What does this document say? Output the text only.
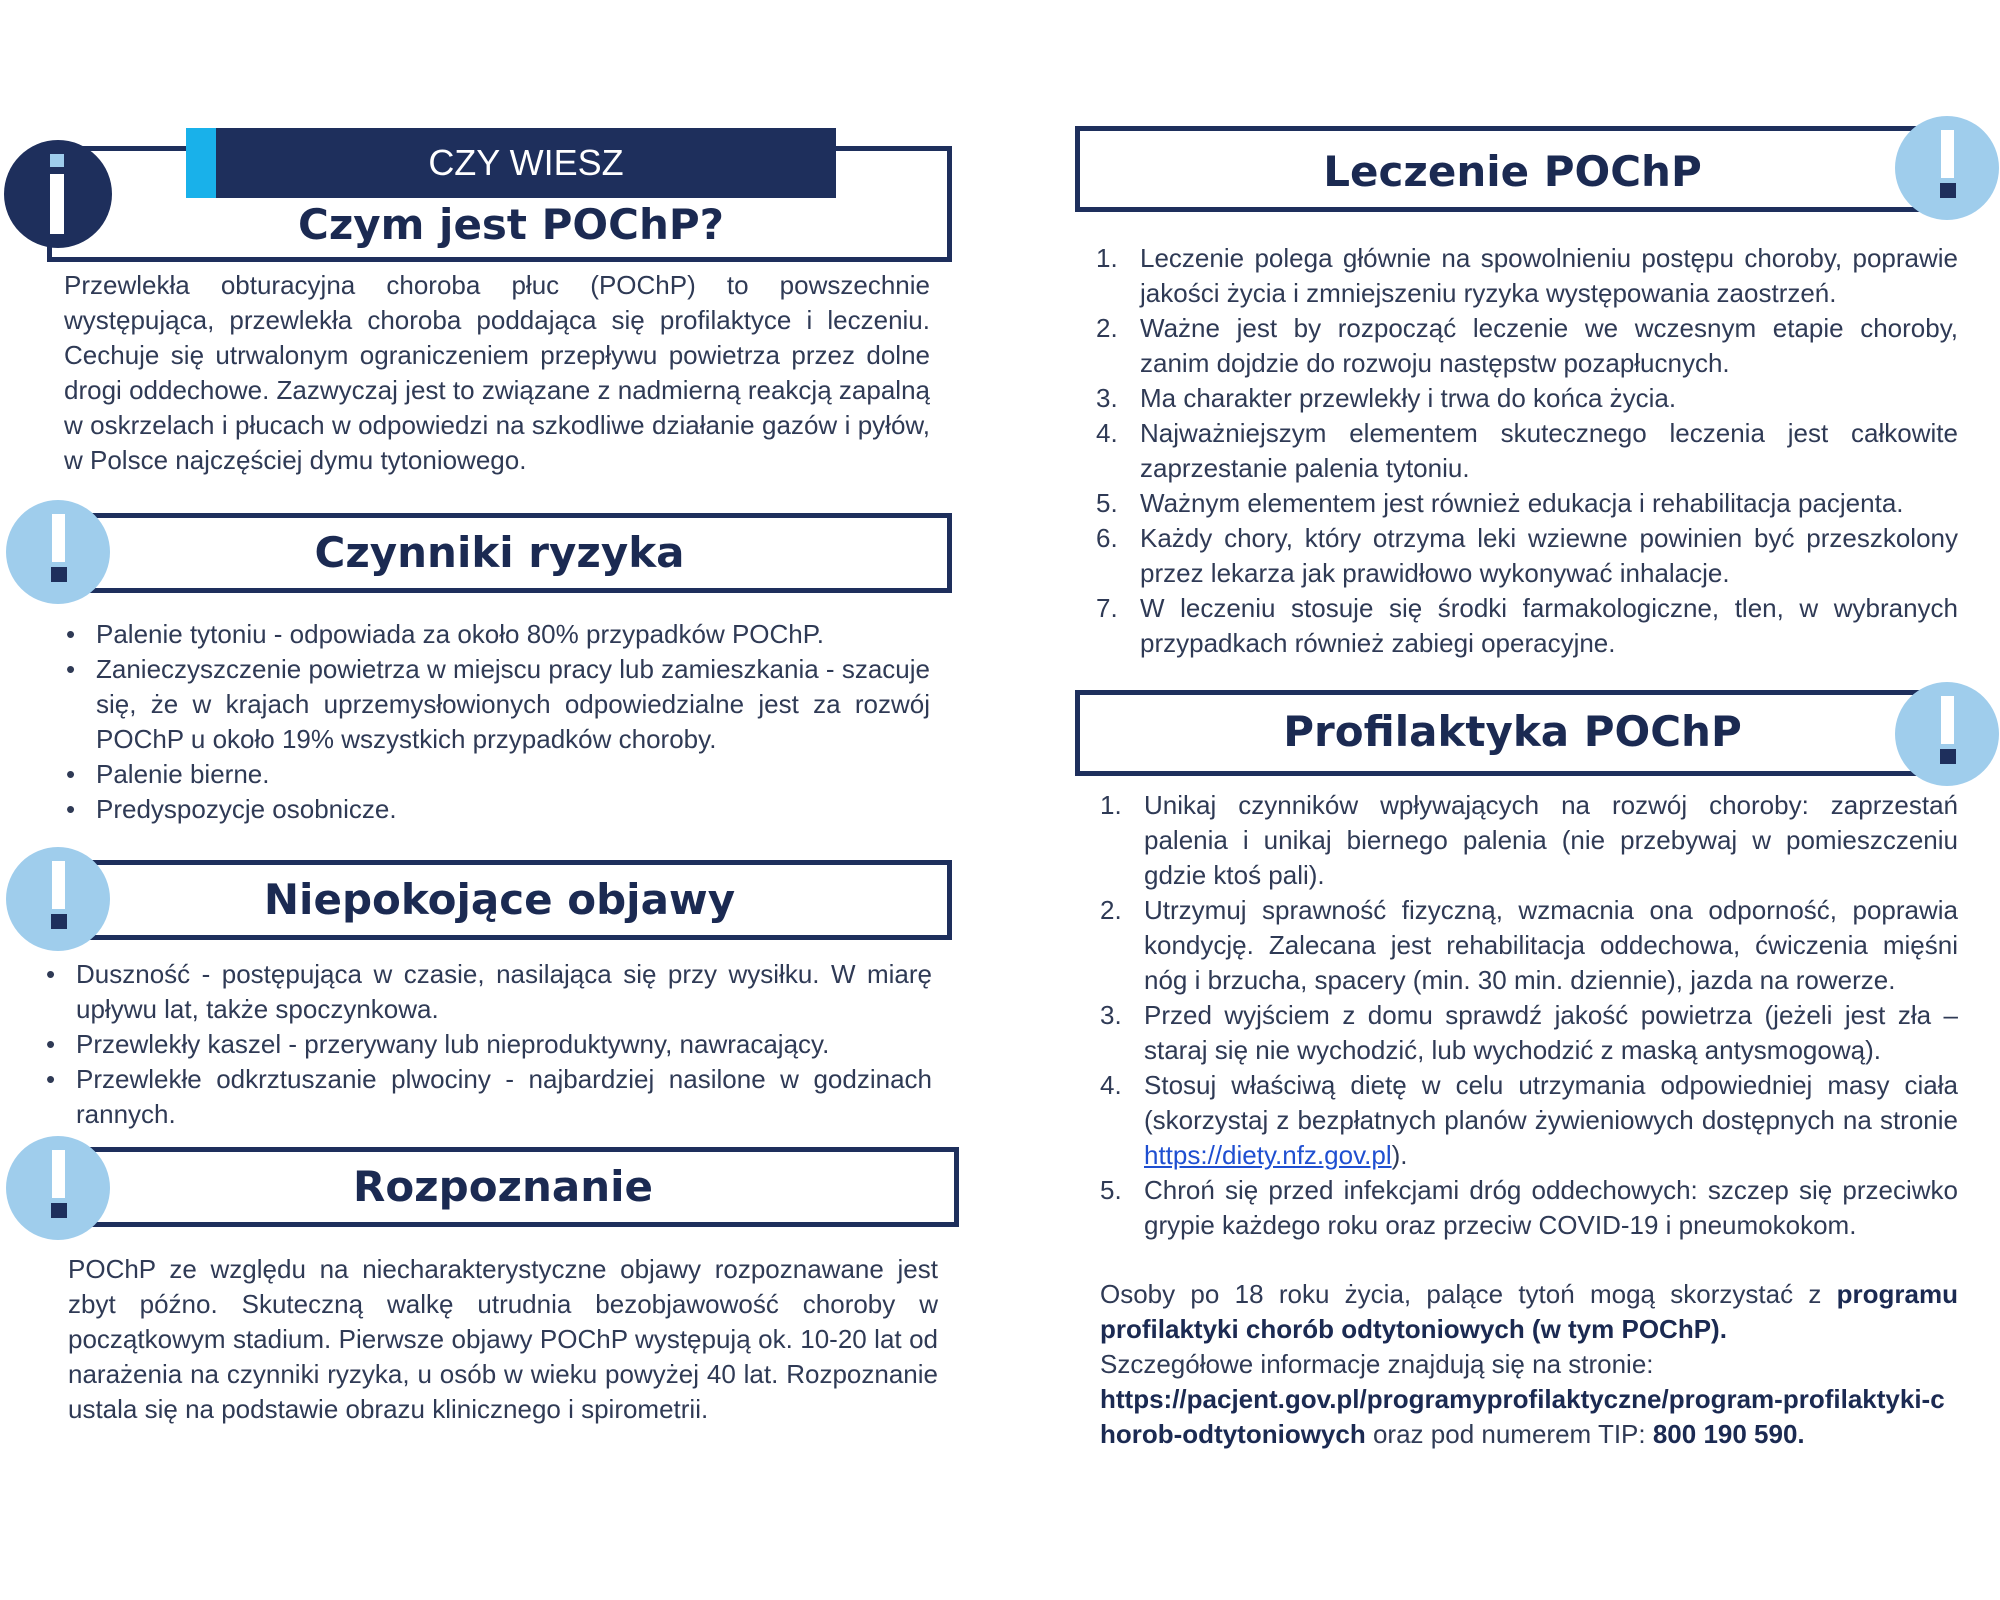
CZY WIESZ
Czym jest POChP?

Przewlekła obturacyjna choroba płuc (POChP) to powszechnie występująca, przewlekła choroba poddająca się profilaktyce i leczeniu. Cechuje się utrwalonym ograniczeniem przepływu powietrza przez dolne drogi oddechowe. Zazwyczaj jest to związane z nadmierną reakcją zapalną w oskrzelach i płucach w odpowiedzi na szkodliwe działanie gazów i pyłów, w Polsce najczęściej dymu tytoniowego.

Czynniki ryzyka
• Palenie tytoniu - odpowiada za około 80% przypadków POChP.
• Zanieczyszczenie powietrza w miejscu pracy lub zamieszkania - szacuje się, że w krajach uprzemysłowionych odpowiedzialne jest za rozwój POChP u około 19% wszystkich przypadków choroby.
• Palenie bierne.
• Predyspozycje osobnicze.
Niepokojące objawy
• Duszność - postępująca w czasie, nasilająca się przy wysiłku. W miarę upływu lat, także spoczynkowa.
• Przewlekły kaszel - przerywany lub nieproduktywny, nawracający.
• Przewlekłe odkrztuszanie plwociny - najbardziej nasilone w godzinach rannych.
Rozpoznanie

POChP ze względu na niecharakterystyczne objawy rozpoznawane jest zbyt późno. Skuteczną walkę utrudnia bezobjawowość choroby w początkowym stadium. Pierwsze objawy POChP występują ok. 10-20 lat od narażenia na czynniki ryzyka, u osób w wieku powyżej 40 lat. Rozpoznanie ustala się na podstawie obrazu klinicznego i spirometrii.

Leczenie POChP
1. Leczenie polega głównie na spowolnieniu postępu choroby, poprawie jakości życia i zmniejszeniu ryzyka występowania zaostrzeń.
2. Ważne jest by rozpocząć leczenie we wczesnym etapie choroby, zanim dojdzie do rozwoju następstw pozapłucnych.
3. Ma charakter przewlekły i trwa do końca życia.
4. Najważniejszym elementem skutecznego leczenia jest całkowite zaprzestanie palenia tytoniu.
5. Ważnym elementem jest również edukacja i rehabilitacja pacjenta.
6. Każdy chory, który otrzyma leki wziewne powinien być przeszkolony przez lekarza jak prawidłowo wykonywać inhalacje.
7. W leczeniu stosuje się środki farmakologiczne, tlen, w wybranych przypadkach również zabiegi operacyjne.
Profilaktyka POChP
1. Unikaj czynników wpływających na rozwój choroby: zaprzestań palenia i unikaj biernego palenia (nie przebywaj w pomieszczeniu gdzie ktoś pali).
2. Utrzymuj sprawność fizyczną, wzmacnia ona odporność, poprawia kondycję. Zalecana jest rehabilitacja oddechowa, ćwiczenia mięśni nóg i brzucha, spacery (min. 30 min. dziennie), jazda na rowerze.
3. Przed wyjściem z domu sprawdź jakość powietrza (jeżeli jest zła – staraj się nie wychodzić, lub wychodzić z maską antysmogową).
4. Stosuj właściwą dietę w celu utrzymania odpowiedniej masy ciała (skorzystaj z bezpłatnych planów żywieniowych dostępnych na stronie https://diety.nfz.gov.pl).
5. Chroń się przed infekcjami dróg oddechowych: szczep się przeciwko grypie każdego roku oraz przeciw COVID-19 i pneumokokom.

Osoby po 18 roku życia, palące tytoń mogą skorzystać z programu profilaktyki chorób odtytoniowych (w tym POChP).

Szczegółowe informacje znajdują się na stronie:

https://pacjent.gov.pl/programyprofilaktyczne/program-profilaktyki-chorob-odtytoniowych oraz pod numerem TIP: 800 190 590.
